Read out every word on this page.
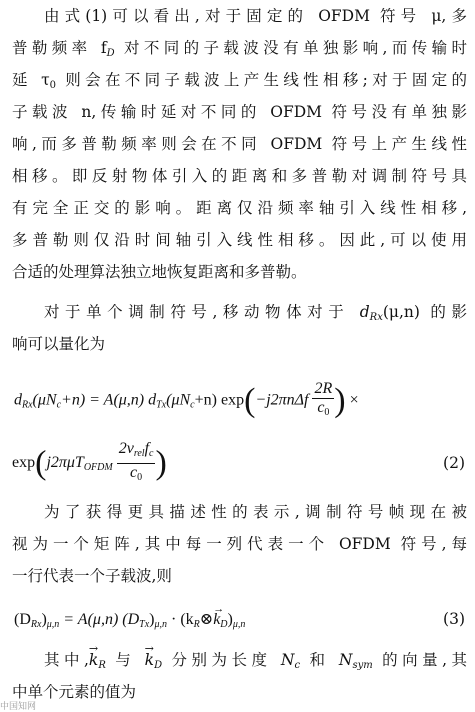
由式(1)可以看出,对于固定的 OFDM 符号 μ,多
普勒频率 $f_D$ 对不同的子载波没有单独影响,而传输时
延 $\tau_0$ 则会在不同子载波上产生线性相移;对于固定的
子载波 n,传输时延对不同的 OFDM 符号没有单独影
响,而多普勒频率则会在不同 OFDM 符号上产生线性
相移。即反射物体引入的距离和多普勒对调制符号具
有完全正交的影响。距离仅沿频率轴引入线性相移,
多普勒则仅沿时间轴引入线性相移。因此,可以使用
合适的处理算法独立地恢复距离和多普勒。
对于单个调制符号,移动物体对于 $d_{Rx}(\mu,n)$ 的影
响可以量化为
$d_{Rx}(\mu N_c+n) = A(\mu,n)$ $d_{Tx}(\mu N_c+n)$ $\exp(-j2\pi n\Delta f \frac{2R}{c_0}$ ) ×
$\exp(j2\pi\mu T_{OFDM} \frac{2v_{rel}f_c}{c_0}$ )	(2)
为了获得更具描述性的表示,调制符号帧现在被
视为一个矩阵,其中每一列代表一个 OFDM 符号,每
一行代表一个子载波,则
$(D_{Rx})_{\mu,n} = A(\mu,n) (D_{Tx})_{\mu,n}$ · $(k_R\otimes\to k_D)_{\mu,n}$	(3)
其中,→ $k_R$ 与 → $k_D$ 分别为长度 $N_c$ 和 $N_{sym}$ 的向量,其
中单个元素的值为
中国知网
